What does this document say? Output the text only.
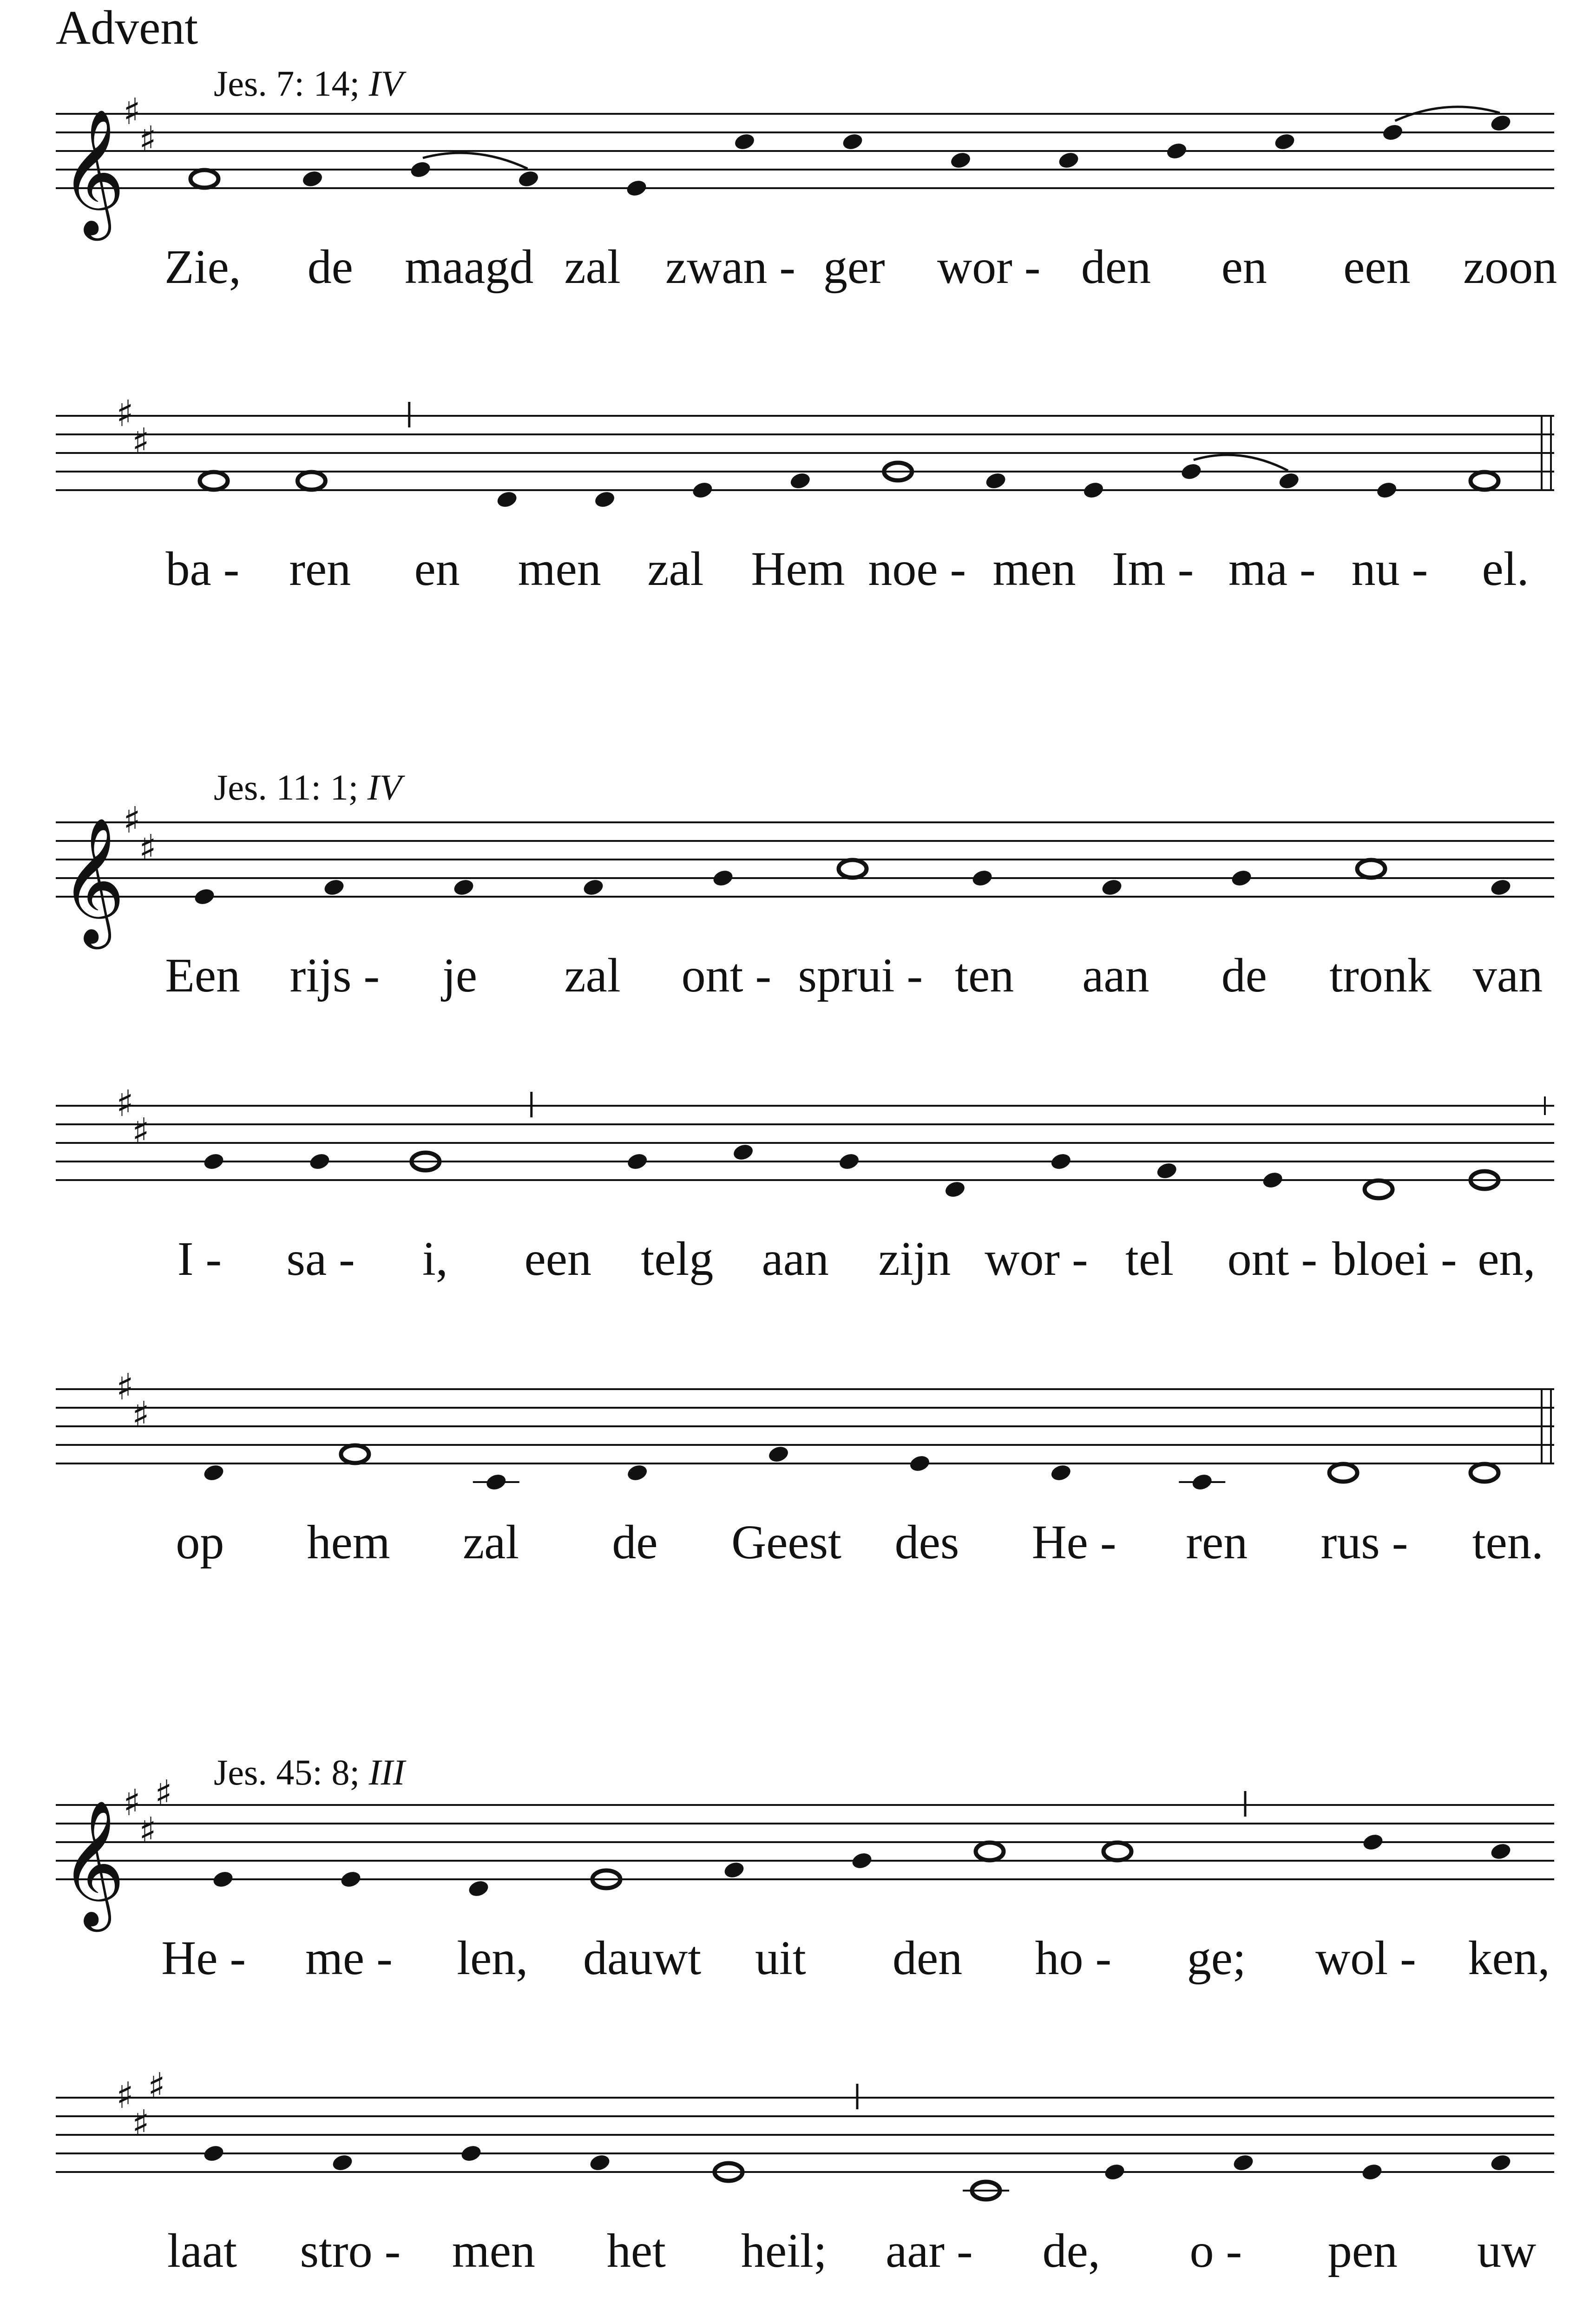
Advent
Jes. 7: 14; IV
Jes. 11: 1; IV
Jes. 45: 8; III
𝄞
♯
♯
♯
♯
𝄞
♯
♯
♯
♯
♯
♯
𝄞
♯
♯
♯
♯
♯
♯
Zie, de maagd zal zwan - ger wor - den en een zoon
ba - ren en men zal Hem noe - men Im - ma - nu - el.
Een rijs - je zal ont - sprui - ten aan de tronk van
I - sa - i, een telg aan zijn wor - tel ont - bloei - en,
op hem zal de Geest des He - ren rus - ten.
He - me - len, dauwt uit den ho - ge; wol - ken,
laat stro - men het heil; aar - de, o - pen uw
